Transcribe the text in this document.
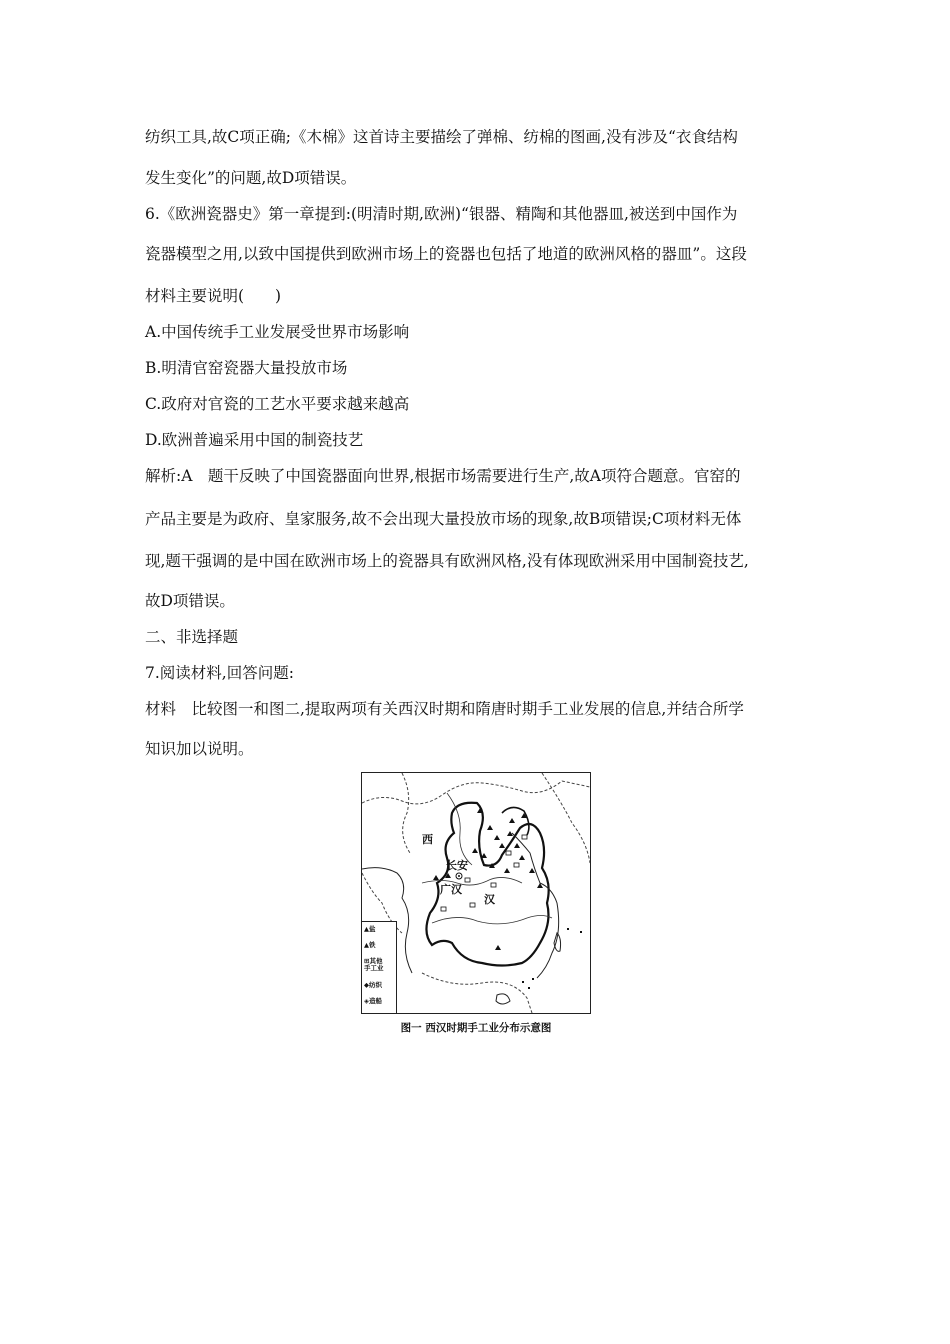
纺织工具,故C项正确;《木棉》这首诗主要描绘了弹棉、纺棉的图画,没有涉及“衣食结构
发生变化”的问题,故D项错误。
6.《欧洲瓷器史》第一章提到:(明清时期,欧洲)“银器、精陶和其他器皿,被送到中国作为
瓷器模型之用,以致中国提供到欧洲市场上的瓷器也包括了地道的欧洲风格的器皿”。这段
材料主要说明(　　)
A.中国传统手工业发展受世界市场影响
B.明清官窑瓷器大量投放市场
C.政府对官瓷的工艺水平要求越来越高
D.欧洲普遍采用中国的制瓷技艺
解析:A　题干反映了中国瓷器面向世界,根据市场需要进行生产,故A项符合题意。官窑的
产品主要是为政府、皇家服务,故不会出现大量投放市场的现象,故B项错误;C项材料无体
现,题干强调的是中国在欧洲市场上的瓷器具有欧洲风格,没有体现欧洲采用中国制瓷技艺,
故D项错误。
二、非选择题
7.阅读材料,回答问题:
材料　比较图一和图二,提取两项有关西汉时期和隋唐时期手工业发展的信息,并结合所学
知识加以说明。
西
长安
广汉
汉
▲盐
▲铁
⊞其他
手工业
◆纺织
◈造船
图一 西汉时期手工业分布示意图
